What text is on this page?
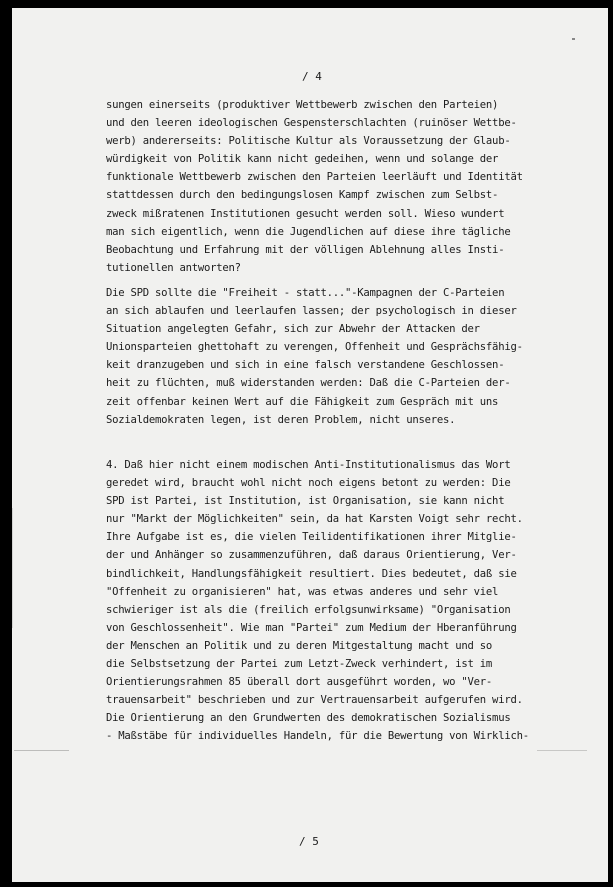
/ 4
sungen einerseits (produktiver Wettbewerb zwischen den Parteien)
und den leeren ideologischen Gespensterschlachten (ruinöser Wettbe-
werb) andererseits: Politische Kultur als Voraussetzung der Glaub-
würdigkeit von Politik kann nicht gedeihen, wenn und solange der
funktionale Wettbewerb zwischen den Parteien leerläuft und Identität
stattdessen durch den bedingungslosen Kampf zwischen zum Selbst-
zweck mißratenen Institutionen gesucht werden soll. Wieso wundert
man sich eigentlich, wenn die Jugendlichen auf diese ihre tägliche
Beobachtung und Erfahrung mit der völligen Ablehnung alles Insti-
tutionellen antworten?
Die SPD sollte die "Freiheit - statt..."-Kampagnen der C-Parteien
an sich ablaufen und leerlaufen lassen; der psychologisch in dieser
Situation angelegten Gefahr, sich zur Abwehr der Attacken der
Unionsparteien ghettohaft zu verengen, Offenheit und Gesprächsfähig-
keit dranzugeben und sich in eine falsch verstandene Geschlossen-
heit zu flüchten, muß widerstanden werden: Daß die C-Parteien der-
zeit offenbar keinen Wert auf die Fähigkeit zum Gespräch mit uns
Sozialdemokraten legen, ist deren Problem, nicht unseres.
4. Daß hier nicht einem modischen Anti-Institutionalismus das Wort
geredet wird, braucht wohl nicht noch eigens betont zu werden: Die
SPD ist Partei, ist Institution, ist Organisation, sie kann nicht
nur "Markt der Möglichkeiten" sein, da hat Karsten Voigt sehr recht.
Ihre Aufgabe ist es, die vielen Teilidentifikationen ihrer Mitglie-
der und Anhänger so zusammenzuführen, daß daraus Orientierung, Ver-
bindlichkeit, Handlungsfähigkeit resultiert. Dies bedeutet, daß sie
"Offenheit zu organisieren" hat, was etwas anderes und sehr viel
schwieriger ist als die (freilich erfolgsunwirksame) "Organisation
von Geschlossenheit". Wie man "Partei" zum Medium der Hberanführung
der Menschen an Politik und zu deren Mitgestaltung macht und so
die Selbstsetzung der Partei zum Letzt-Zweck verhindert, ist im
Orientierungsrahmen 85 überall dort ausgeführt worden, wo "Ver-
trauensarbeit" beschrieben und zur Vertrauensarbeit aufgerufen wird.
Die Orientierung an den Grundwerten des demokratischen Sozialismus
- Maßstäbe für individuelles Handeln, für die Bewertung von Wirklich-
/ 5
